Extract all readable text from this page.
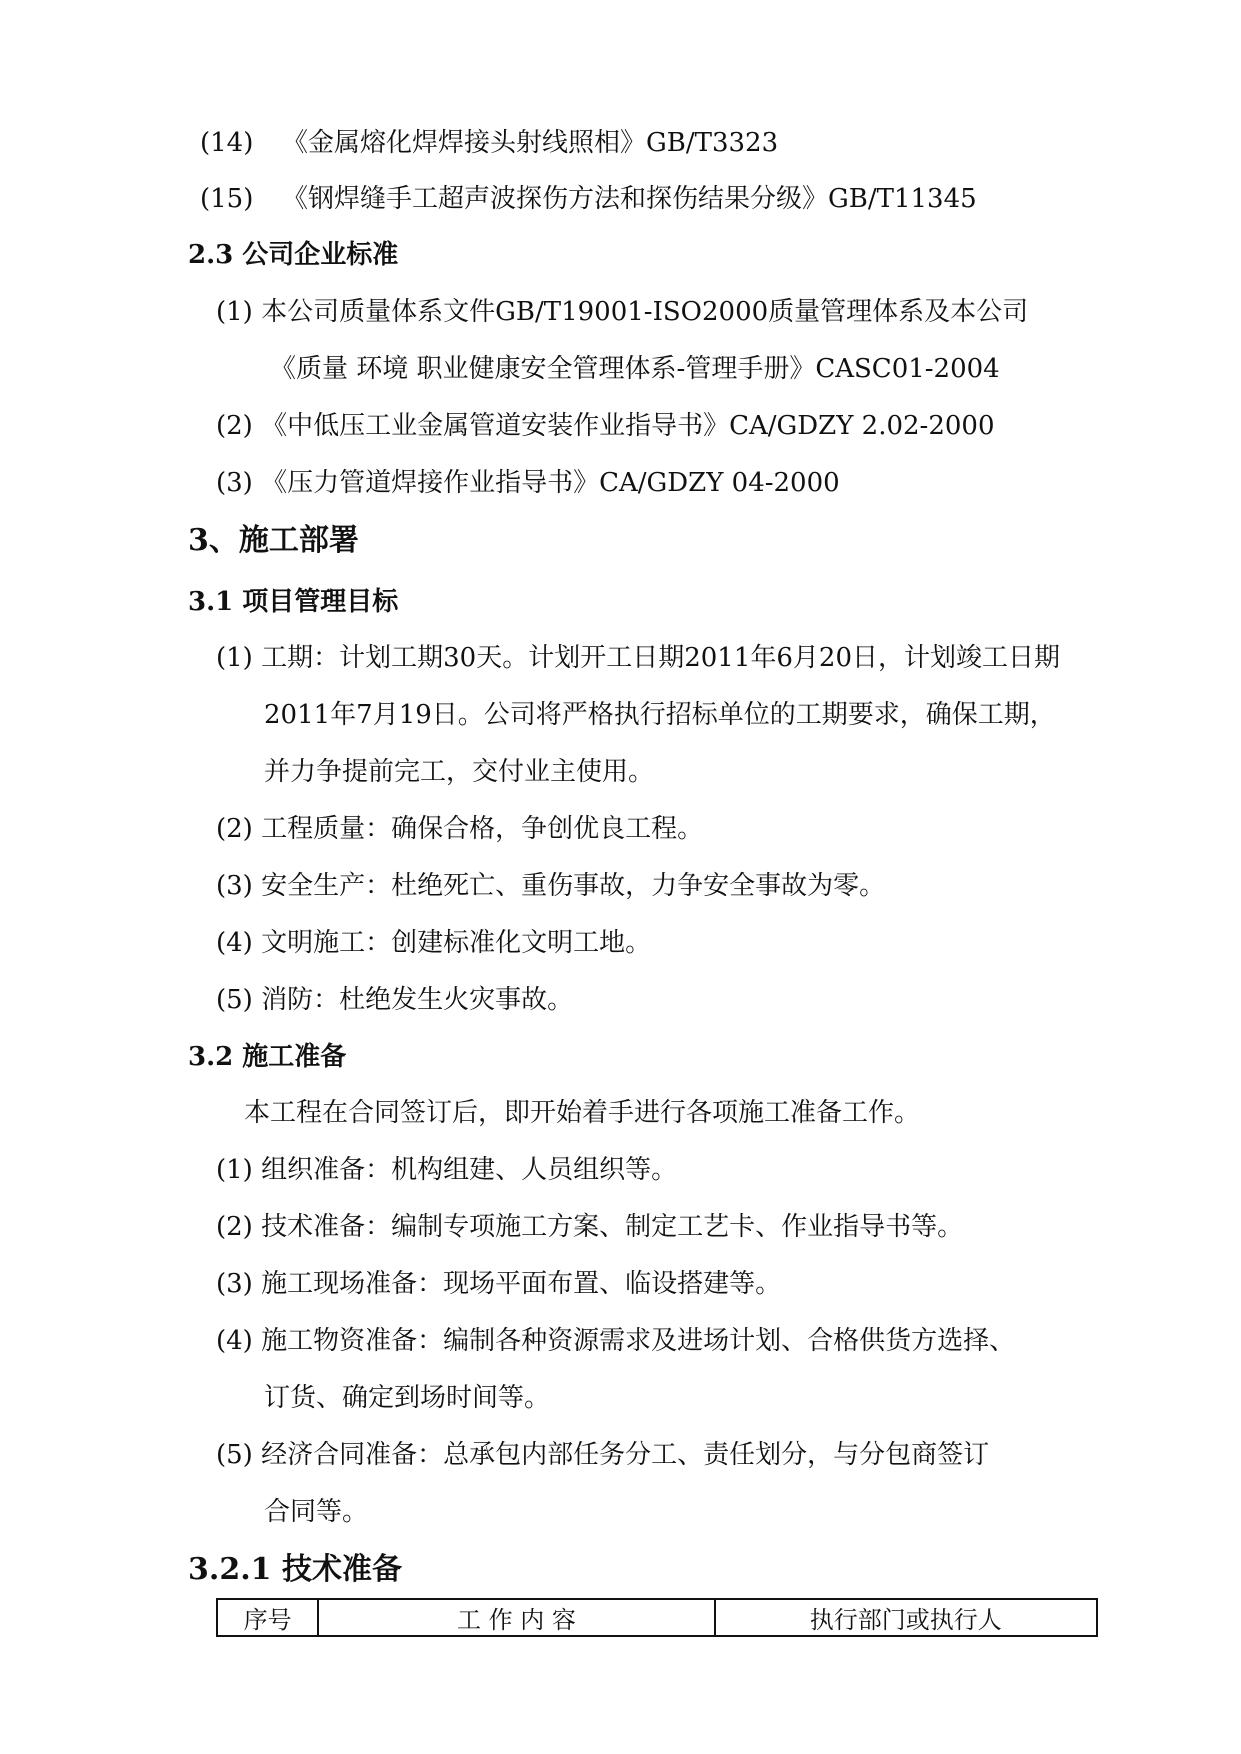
(14) 《金属熔化焊焊接头射线照相》GB/T3323
(15) 《钢焊缝手工超声波探伤方法和探伤结果分级》GB/T11345
2.3 公司企业标准
(1) 本公司质量体系文件GB/T19001-ISO2000质量管理体系及本公司
《质量 环境 职业健康安全管理体系-管理手册》CASC01-2004
(2) 《中低压工业金属管道安装作业指导书》CA/GDZY 2.02-2000
(3) 《压力管道焊接作业指导书》CA/GDZY 04-2000
3、施工部署
3.1 项目管理目标
(1) 工期：计划工期30天。计划开工日期2011年6月20日，计划竣工日期
2011年7月19日。公司将严格执行招标单位的工期要求，确保工期，
并力争提前完工，交付业主使用。
(2) 工程质量：确保合格，争创优良工程。
(3) 安全生产：杜绝死亡、重伤事故，力争安全事故为零。
(4) 文明施工：创建标准化文明工地。
(5) 消防：杜绝发生火灾事故。
3.2 施工准备
本工程在合同签订后，即开始着手进行各项施工准备工作。
(1) 组织准备：机构组建、人员组织等。
(2) 技术准备：编制专项施工方案、制定工艺卡、作业指导书等。
(3) 施工现场准备：现场平面布置、临设搭建等。
(4) 施工物资准备：编制各种资源需求及进场计划、合格供货方选择、
订货、确定到场时间等。
(5) 经济合同准备：总承包内部任务分工、责任划分，与分包商签订
合同等。
3.2.1 技术准备
序号	工 作 内 容	执行部门或执行人
